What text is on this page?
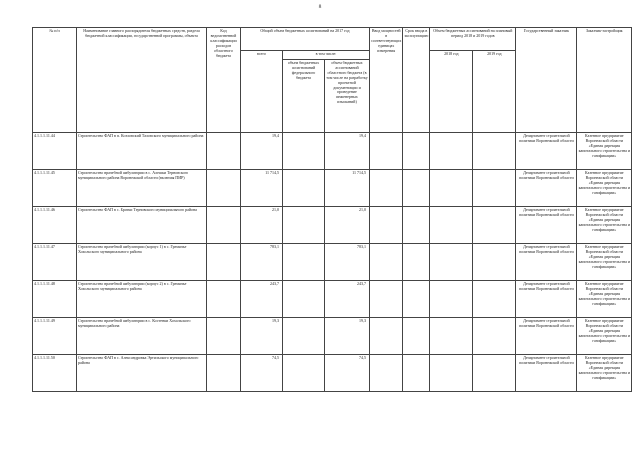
8
№ п/п	Наименование главного распорядителя бюджетных средств, раздела бюджетной классификации, государственной программы, объекта	Код ведомственной классификации расходов областного бюджета	Общий объем бюджетных ассигнований на 2017 год			Ввод мощностей в соответствующих единицах измерения	Срок ввода в эксплуатацию	Объем бюджетных ассигнований на плановый период 2018 и 2019 годов		Государственный заказчик	Заказчик-застройщик
			всего	в том числе:				2018 год	2019 год		
				объем бюджетных ассигнований федерального бюджета	объем бюджетных ассигнований областного бюджета (в том числе на разработку проектной документации и проведение инженерных изысканий)						
4.1.1.1.11.44	Строительство ФАП в п. Козловский Таловского муниципального района		19,4		19,4					Департамент строительной политики Воронежской области	Казенное предприятие Воронежской области «Единая дирекция капитального строительства и газификации»
4.1.1.1.11.45	Строительство врачебной амбулатории в с. Алешки Терновского муниципального района Воронежской области (включая ПИР)		11 714,5		11 714,5					Департамент строительной политики Воронежской области	Казенное предприятие Воронежской области «Единая дирекция капитального строительства и газификации»
4.1.1.1.11.46	Строительство ФАП в с. Братки Терновского муниципального района		21,0		21,0					Департамент строительной политики Воронежской области	Казенное предприятие Воронежской области «Единая дирекция капитального строительства и газификации»
4.1.1.1.11.47	Строительство врачебной амбулатории (корпус 1) в с. Гремячье Хохольского муниципального района		783,1		783,1					Департамент строительной политики Воронежской области	Казенное предприятие Воронежской области «Единая дирекция капитального строительства и газификации»
4.1.1.1.11.48	Строительство врачебной амбулатории (корпус 2) в с. Гремячье Хохольского муниципального района		243,7		243,7					Департамент строительной политики Воронежской области	Казенное предприятие Воронежской области «Единая дирекция капитального строительства и газификации»
4.1.1.1.11.49	Строительство врачебной амбулатории в с. Костенки Хохольского муниципального района		19,3		19,3					Департамент строительной политики Воронежской области	Казенное предприятие Воронежской области «Единая дирекция капитального строительства и газификации»
4.1.1.1.11.50	Строительство ФАП в с. Александровка Эртильского муниципального района		74,5		74,5					Департамент строительной политики Воронежской области	Казенное предприятие Воронежской области «Единая дирекция капитального строительства и газификации»
